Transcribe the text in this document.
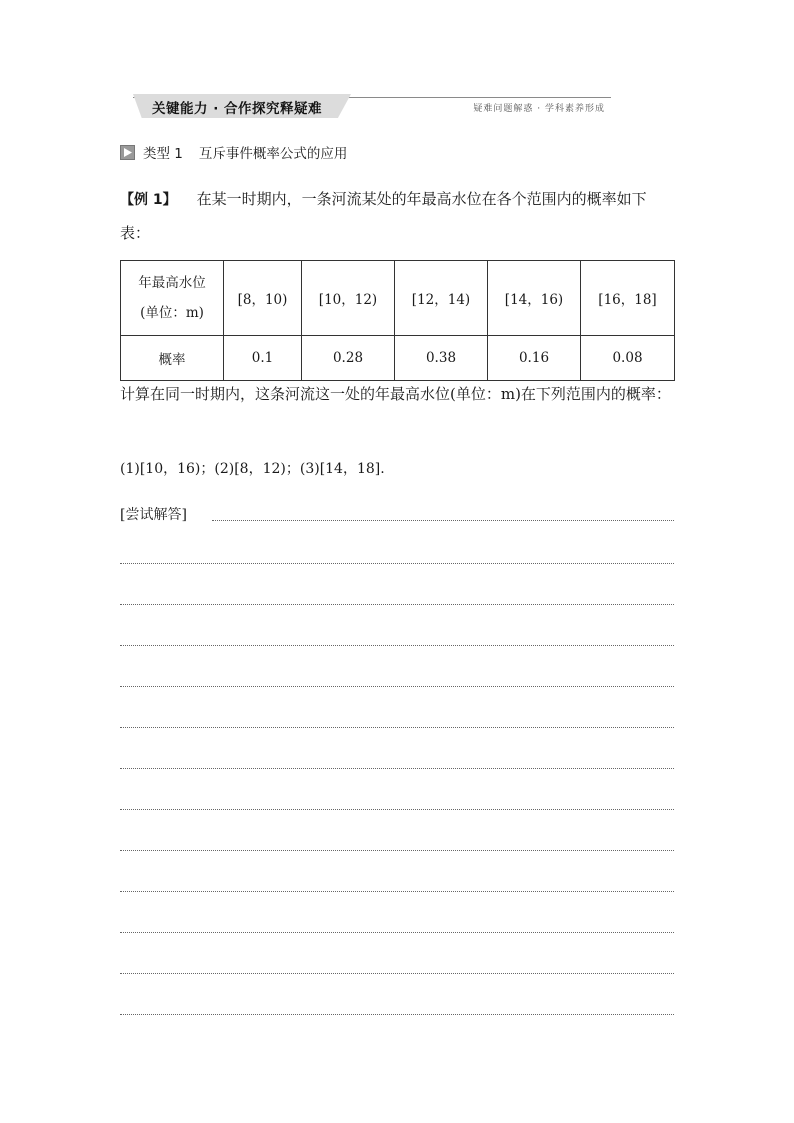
关键能力 · 合作探究释疑难	疑难问题解惑 · 学科素养形成
类型 1 互斥事件概率公式的应用
【例 1】 在某一时期内，一条河流某处的年最高水位在各个范围内的概率如下表：
年最高水位
(单位：m)	[8，10)	[10，12)	[12，14)	[14，16)	[16，18]
概率	0.1	0.28	0.38	0.16	0.08
计算在同一时期内，这条河流这一处的年最高水位(单位：m)在下列范围内的概率：
(1)[10，16)；(2)[8，12)；(3)[14，18].
[尝试解答]
